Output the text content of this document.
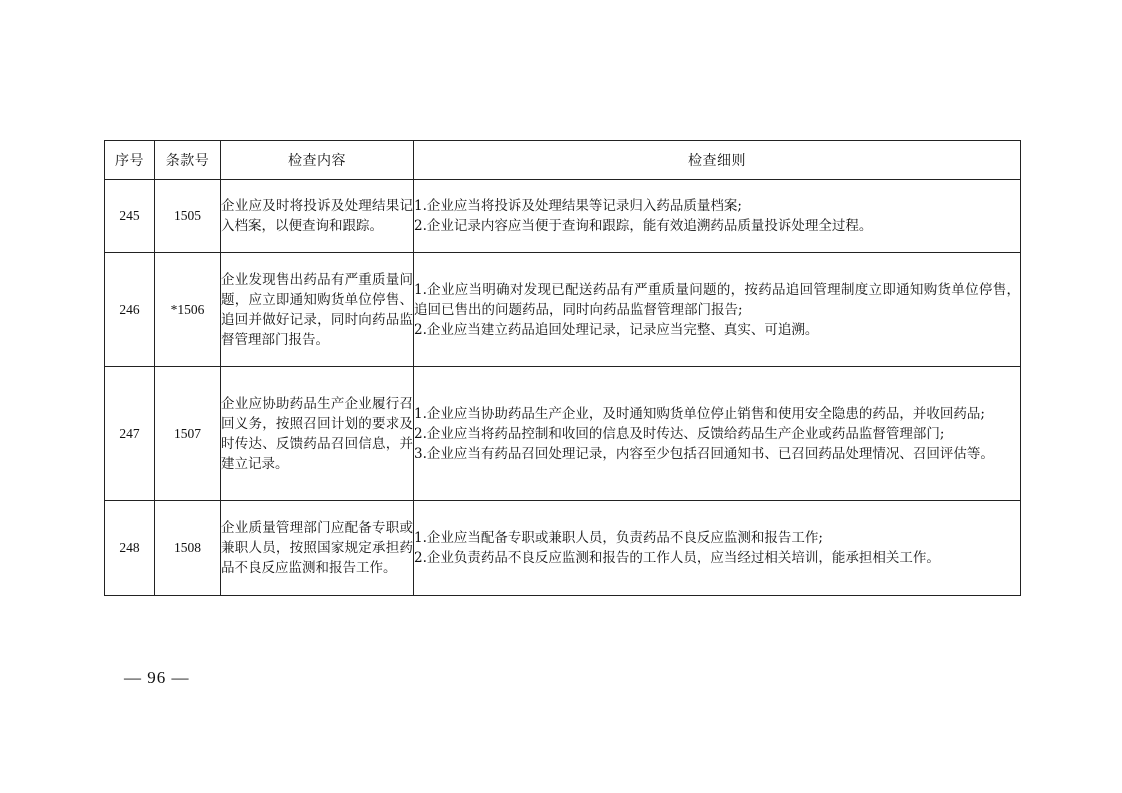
序号	条款号	检查内容	检查细则
245	1505	企业应及时将投诉及处理结果记入档案，以便查询和跟踪。	1.企业应当将投诉及处理结果等记录归入药品质量档案;
2.企业记录内容应当便于查询和跟踪，能有效追溯药品质量投诉处理全过程。

246	*1506	企业发现售出药品有严重质量问题，应立即通知购货单位停售、追回并做好记录，同时向药品监督管理部门报告。	1.企业应当明确对发现已配送药品有严重质量问题的，按药品追回管理制度立即通知购货单位停售，追回已售出的问题药品，同时向药品监督管理部门报告;
2.企业应当建立药品追回处理记录，记录应当完整、真实、可追溯。

247	1507	企业应协助药品生产企业履行召回义务，按照召回计划的要求及时传达、反馈药品召回信息，并建立记录。	1.企业应当协助药品生产企业，及时通知购货单位停止销售和使用安全隐患的药品，并收回药品;
2.企业应当将药品控制和收回的信息及时传达、反馈给药品生产企业或药品监督管理部门;
3.企业应当有药品召回处理记录，内容至少包括召回通知书、已召回药品处理情况、召回评估等。

248	1508	企业质量管理部门应配备专职或兼职人员，按照国家规定承担药品不良反应监测和报告工作。	1.企业应当配备专职或兼职人员，负责药品不良反应监测和报告工作;
2.企业负责药品不良反应监测和报告的工作人员，应当经过相关培训，能承担相关工作。
— 96 —
